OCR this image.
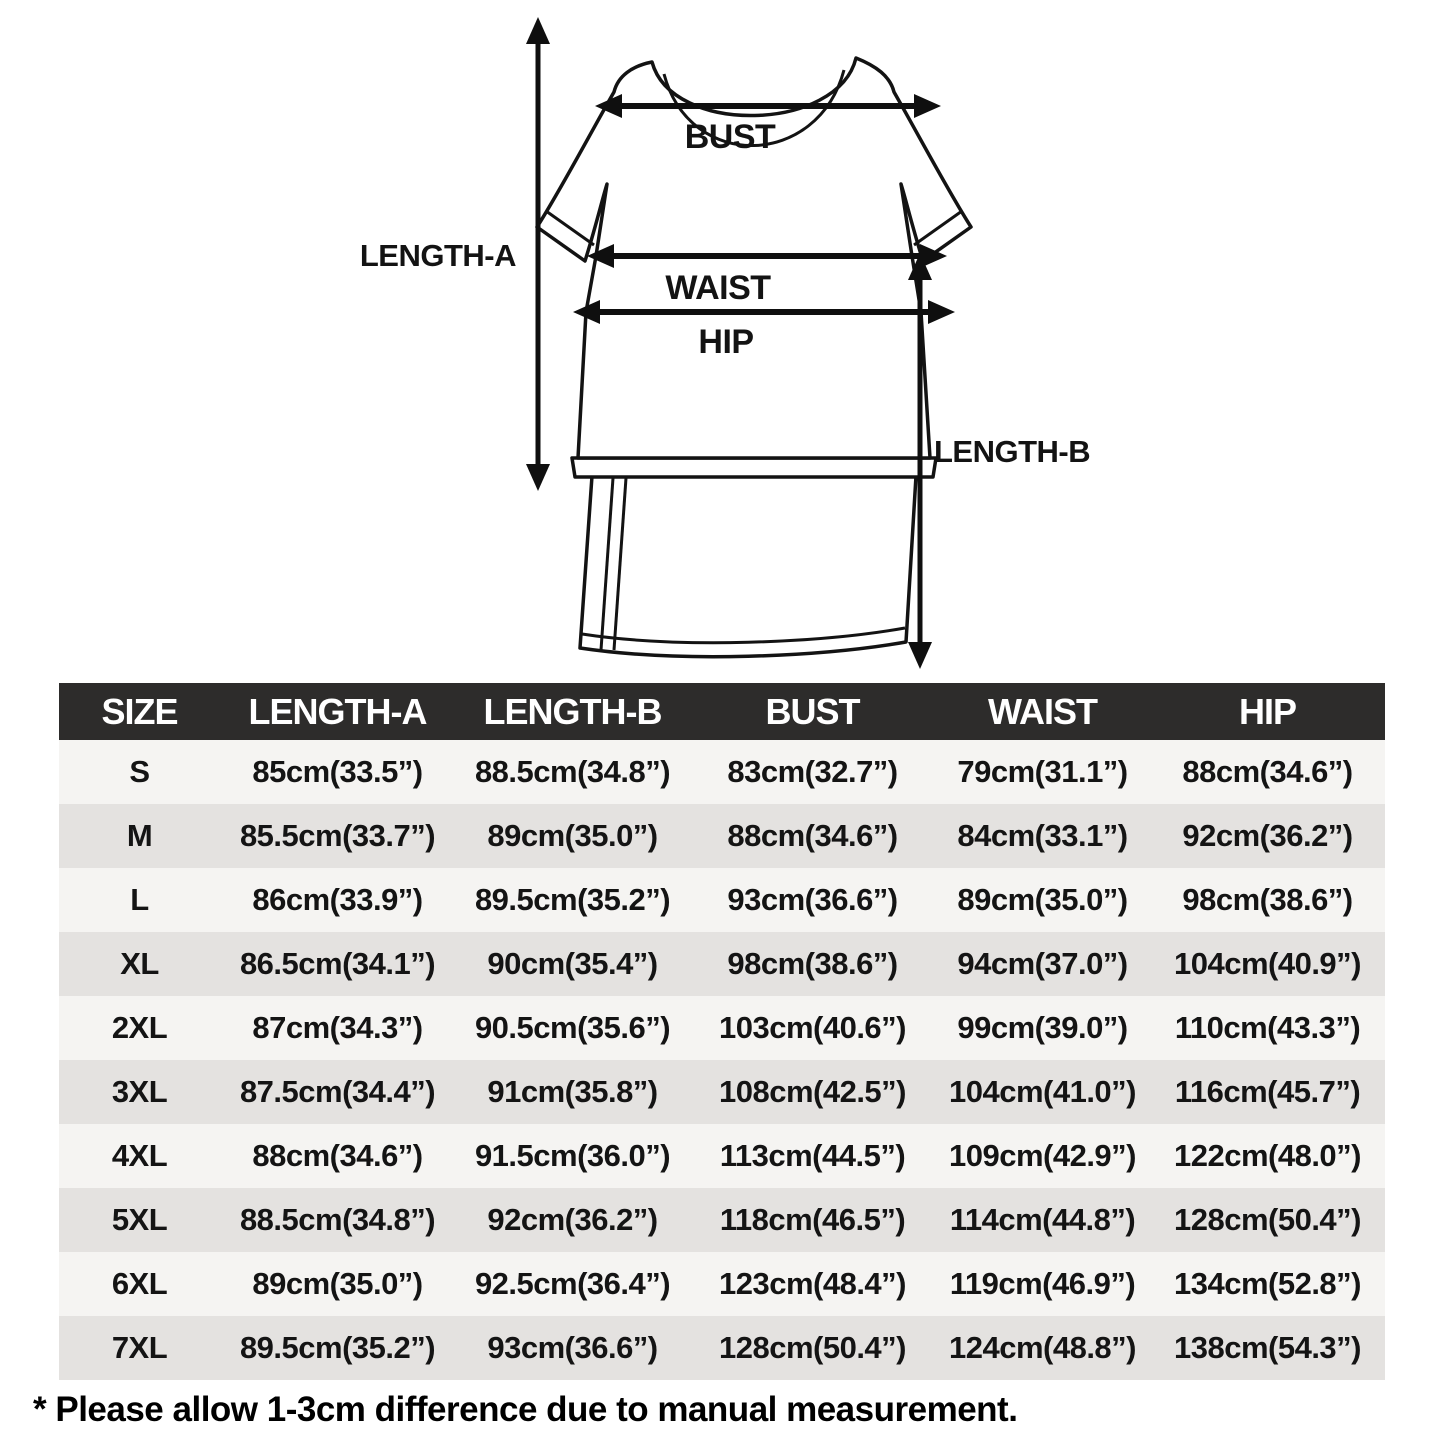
LENGTH-A
LENGTH-B
BUST
WAIST
HIP
SIZE	LENGTH-A	LENGTH-B	BUST	WAIST	HIP
S	85cm(33.5”)	88.5cm(34.8”)	83cm(32.7”)	79cm(31.1”)	88cm(34.6”)
M	85.5cm(33.7”)	89cm(35.0”)	88cm(34.6”)	84cm(33.1”)	92cm(36.2”)
L	86cm(33.9”)	89.5cm(35.2”)	93cm(36.6”)	89cm(35.0”)	98cm(38.6”)
XL	86.5cm(34.1”)	90cm(35.4”)	98cm(38.6”)	94cm(37.0”)	104cm(40.9”)
2XL	87cm(34.3”)	90.5cm(35.6”)	103cm(40.6”)	99cm(39.0”)	110cm(43.3”)
3XL	87.5cm(34.4”)	91cm(35.8”)	108cm(42.5”)	104cm(41.0”)	116cm(45.7”)
4XL	88cm(34.6”)	91.5cm(36.0”)	113cm(44.5”)	109cm(42.9”)	122cm(48.0”)
5XL	88.5cm(34.8”)	92cm(36.2”)	118cm(46.5”)	114cm(44.8”)	128cm(50.4”)
6XL	89cm(35.0”)	92.5cm(36.4”)	123cm(48.4”)	119cm(46.9”)	134cm(52.8”)
7XL	89.5cm(35.2”)	93cm(36.6”)	128cm(50.4”)	124cm(48.8”)	138cm(54.3”)
* Please allow 1-3cm difference due to manual measurement.
